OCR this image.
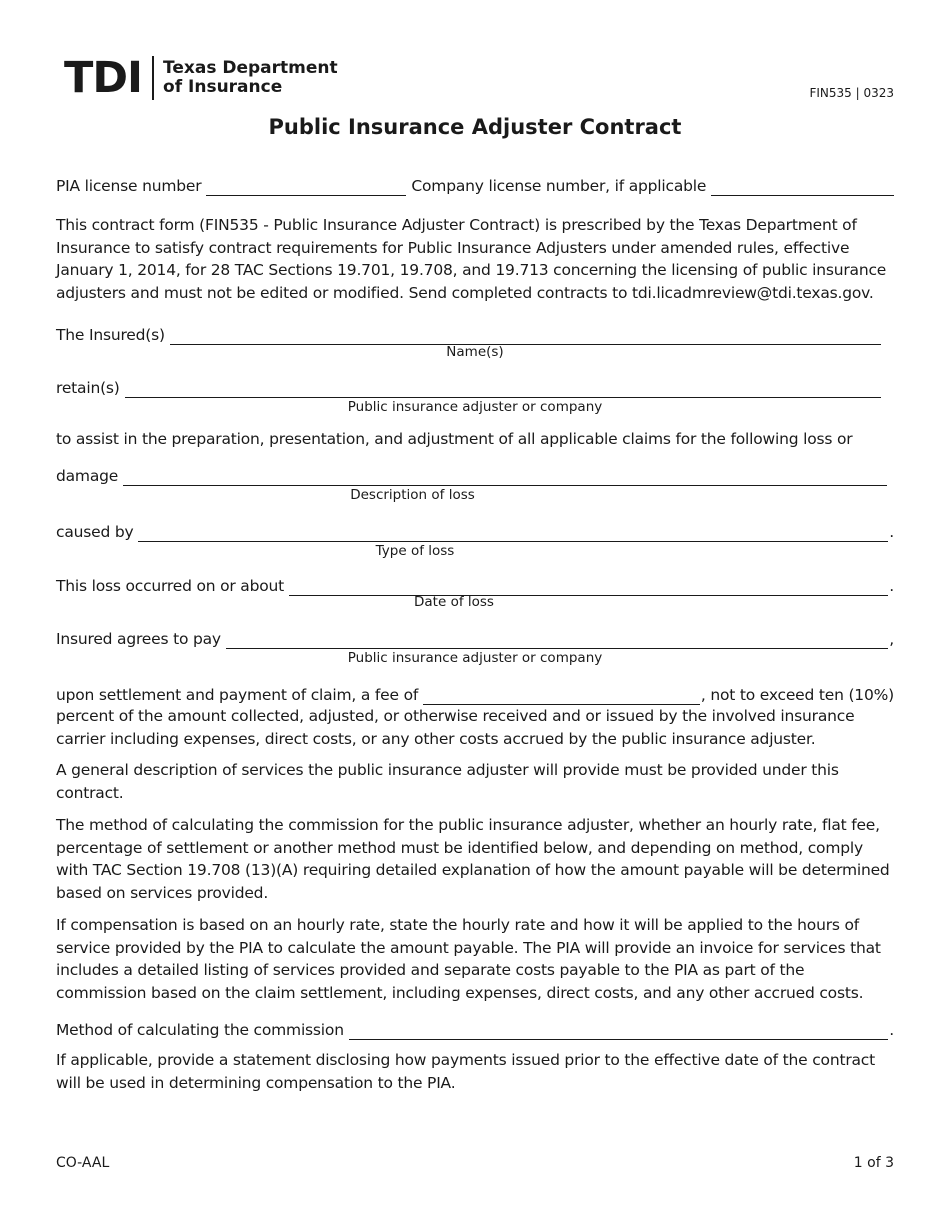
TDI Texas Department
of Insurance	FIN535 | 0323
Public Insurance Adjuster Contract
PIA license number	Company license number, if applicable

This contract form (FIN535 - Public Insurance Adjuster Contract) is prescribed by the Texas Department of Insurance to satisfy contract requirements for Public Insurance Adjusters under amended rules, effective January 1, 2014, for 28 TAC Sections 19.701, 19.708, and 19.713 concerning the licensing of public insurance adjusters and must not be edited or modified. Send completed contracts to tdi.licadmreview@tdi.texas.gov.

The Insured(s)
Name(s)
retain(s)
Public insurance adjuster or company

to assist in the preparation, presentation, and adjustment of all applicable claims for the following loss or

damage
Description of loss
caused by	.
Type of loss
This loss occurred on or about	.
Date of loss
Insured agrees to pay	,
Public insurance adjuster or company
upon settlement and payment of claim, a fee of	, not to exceed ten (10%)

percent of the amount collected, adjusted, or otherwise received and or issued by the involved insurance carrier including expenses, direct costs, or any other costs accrued by the public insurance adjuster.

A general description of services the public insurance adjuster will provide must be provided under this contract.

The method of calculating the commission for the public insurance adjuster, whether an hourly rate, flat fee, percentage of settlement or another method must be identified below, and depending on method, comply with TAC Section 19.708 (13)(A) requiring detailed explanation of how the amount payable will be determined based on services provided.

If compensation is based on an hourly rate, state the hourly rate and how it will be applied to the hours of service provided by the PIA to calculate the amount payable. The PIA will provide an invoice for services that includes a detailed listing of services provided and separate costs payable to the PIA as part of the commission based on the claim settlement, including expenses, direct costs, and any other accrued costs.

Method of calculating the commission	.

If applicable, provide a statement disclosing how payments issued prior to the effective date of the contract will be used in determining compensation to the PIA.

CO-AAL	1 of 3
